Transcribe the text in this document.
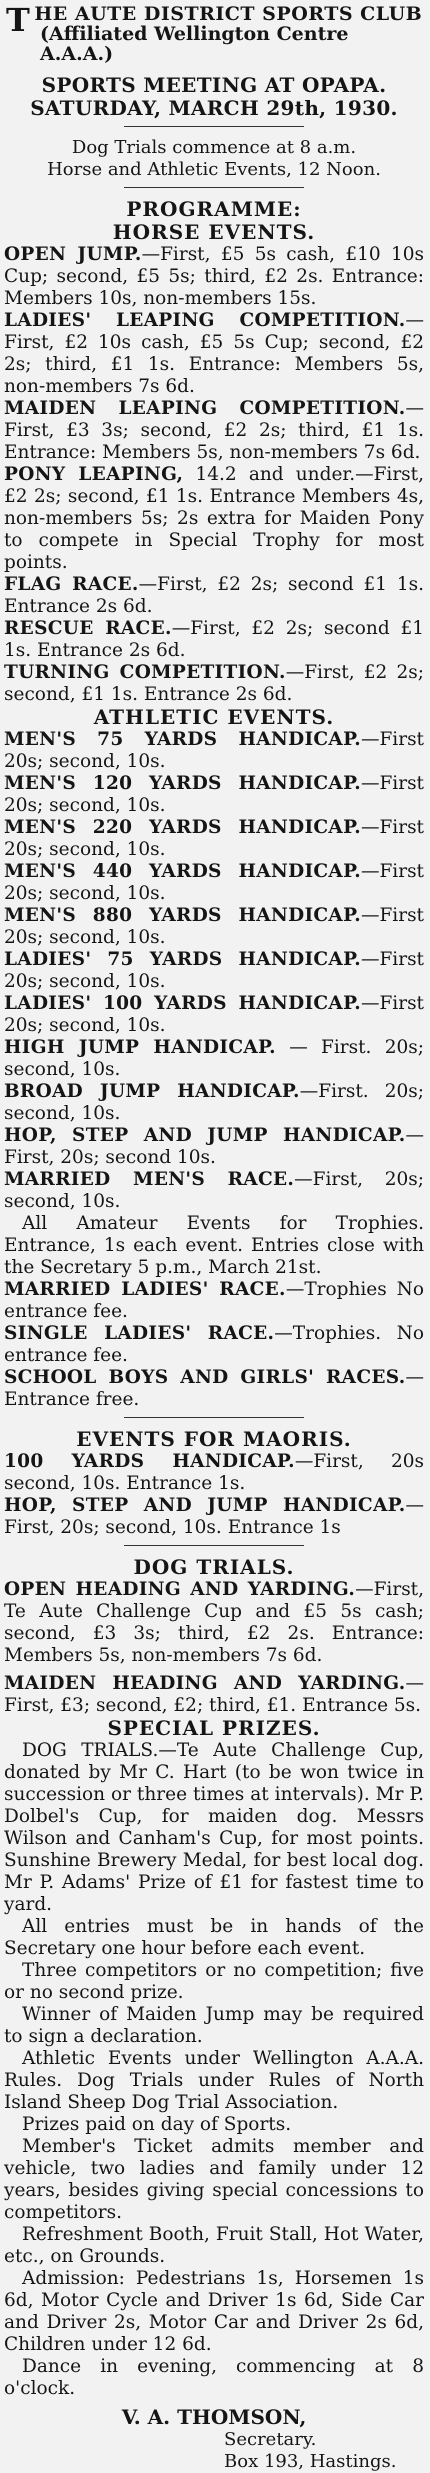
T HE AUTE DISTRICT SPORTS CLUB
(Affiliated Wellington Centre A.A.A.)
SPORTS MEETING AT OPAPA.
SATURDAY, MARCH 29th, 1930.
Dog Trials commence at 8 a.m.
Horse and Athletic Events, 12 Noon.
PROGRAMME:
HORSE EVENTS.

OPEN JUMP.—First, £5 5s cash, £10 10s Cup; second, £5 5s; third, £2 2s. Entrance: Members 10s, non-members 15s.

LADIES' LEAPING COMPETITION.—First, £2 10s cash, £5 5s Cup; second, £2 2s; third, £1 1s. Entrance: Members 5s, non-members 7s 6d.

MAIDEN LEAPING COMPETITION.—First, £3 3s; second, £2 2s; third, £1 1s. Entrance: Members 5s, non-members 7s 6d.

PONY LEAPING, 14.2 and under.—First, £2 2s; second, £1 1s. Entrance Members 4s, non-members 5s; 2s extra for Maiden Pony to compete in Special Trophy for most points.

FLAG RACE.—First, £2 2s; second £1 1s. Entrance 2s 6d.

RESCUE RACE.—First, £2 2s; second £1 1s. Entrance 2s 6d.

TURNING COMPETITION.—First, £2 2s; second, £1 1s. Entrance 2s 6d.

ATHLETIC EVENTS.

MEN'S 75 YARDS HANDICAP.—First 20s; second, 10s.

MEN'S 120 YARDS HANDICAP.—First 20s; second, 10s.

MEN'S 220 YARDS HANDICAP.—First 20s; second, 10s.

MEN'S 440 YARDS HANDICAP.—First 20s; second, 10s.

MEN'S 880 YARDS HANDICAP.—First 20s; second, 10s.

LADIES' 75 YARDS HANDICAP.—First 20s; second, 10s.

LADIES' 100 YARDS HANDICAP.—First 20s; second, 10s.

HIGH JUMP HANDICAP. — First. 20s; second, 10s.

BROAD JUMP HANDICAP.—First. 20s; second, 10s.

HOP, STEP AND JUMP HANDICAP.—First, 20s; second 10s.

MARRIED MEN'S RACE.—First, 20s; second, 10s.

All Amateur Events for Trophies. Entrance, 1s each event. Entries close with the Secretary 5 p.m., March 21st.

MARRIED LADIES' RACE.—Trophies No entrance fee.

SINGLE LADIES' RACE.—Trophies. No entrance fee.

SCHOOL BOYS AND GIRLS' RACES.— Entrance free.

EVENTS FOR MAORIS.

100 YARDS HANDICAP.—First, 20s second, 10s. Entrance 1s.

HOP, STEP AND JUMP HANDICAP.—First, 20s; second, 10s. Entrance 1s

DOG TRIALS.

OPEN HEADING AND YARDING.—First, Te Aute Challenge Cup and £5 5s cash; second, £3 3s; third, £2 2s. Entrance: Members 5s, non-members 7s 6d.

MAIDEN HEADING AND YARDING.—First, £3; second, £2; third, £1. Entrance 5s.

SPECIAL PRIZES.

DOG TRIALS.—Te Aute Challenge Cup, donated by Mr C. Hart (to be won twice in succession or three times at intervals). Mr P. Dolbel's Cup, for maiden dog. Messrs Wilson and Canham's Cup, for most points. Sunshine Brewery Medal, for best local dog. Mr P. Adams' Prize of £1 for fastest time to yard.

All entries must be in hands of the Secretary one hour before each event.

Three competitors or no competition; five or no second prize.

Winner of Maiden Jump may be required to sign a declaration.

Athletic Events under Wellington A.A.A. Rules. Dog Trials under Rules of North Island Sheep Dog Trial Association.

Prizes paid on day of Sports.

Member's Ticket admits member and vehicle, two ladies and family under 12 years, besides giving special concessions to competitors.

Refreshment Booth, Fruit Stall, Hot Water, etc., on Grounds.

Admission: Pedestrians 1s, Horsemen 1s 6d, Motor Cycle and Driver 1s 6d, Side Car and Driver 2s, Motor Car and Driver 2s 6d, Children under 12 6d.

Dance in evening, commencing at 8 o'clock.

V. A. THOMSON,
Secretary.
Box 193, Hastings.
